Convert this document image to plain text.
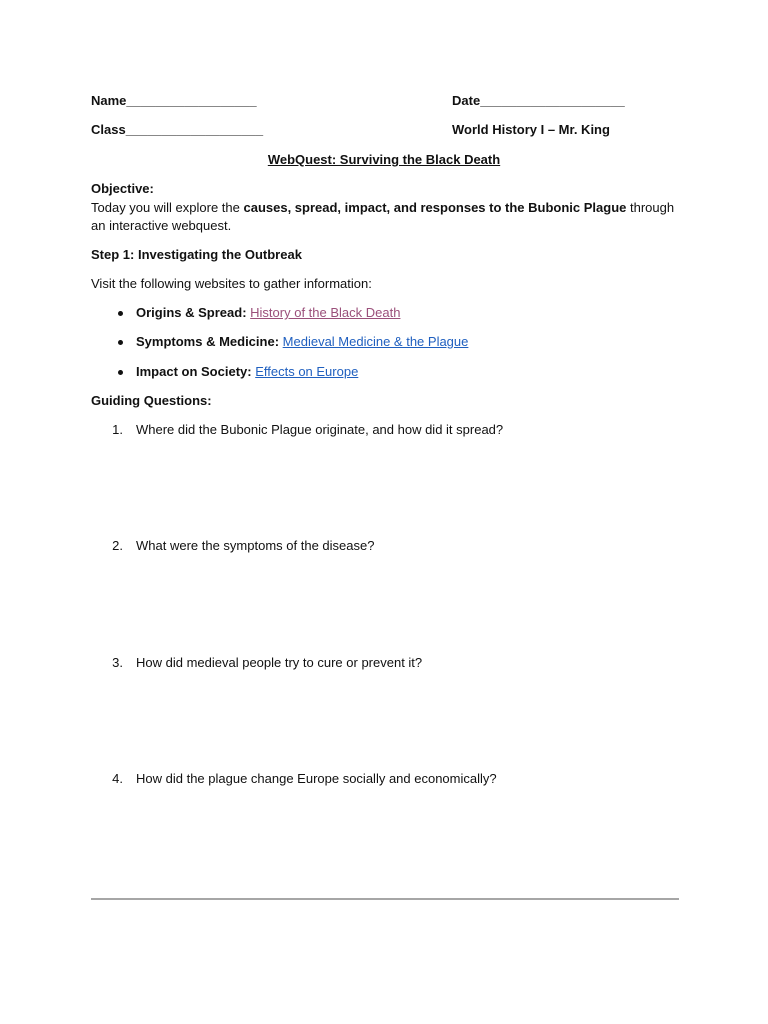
Name__________________	Date____________________
Class___________________	World History I – Mr. King
WebQuest: Surviving the Black Death
Objective:
Today you will explore the causes, spread, impact, and responses to the Bubonic Plague through an interactive webquest.
Step 1: Investigating the Outbreak
Visit the following websites to gather information:
Origins & Spread: History of the Black Death
Symptoms & Medicine: Medieval Medicine & the Plague
Impact on Society: Effects on Europe
Guiding Questions:
1. Where did the Bubonic Plague originate, and how did it spread?
2. What were the symptoms of the disease?
3. How did medieval people try to cure or prevent it?
4. How did the plague change Europe socially and economically?
